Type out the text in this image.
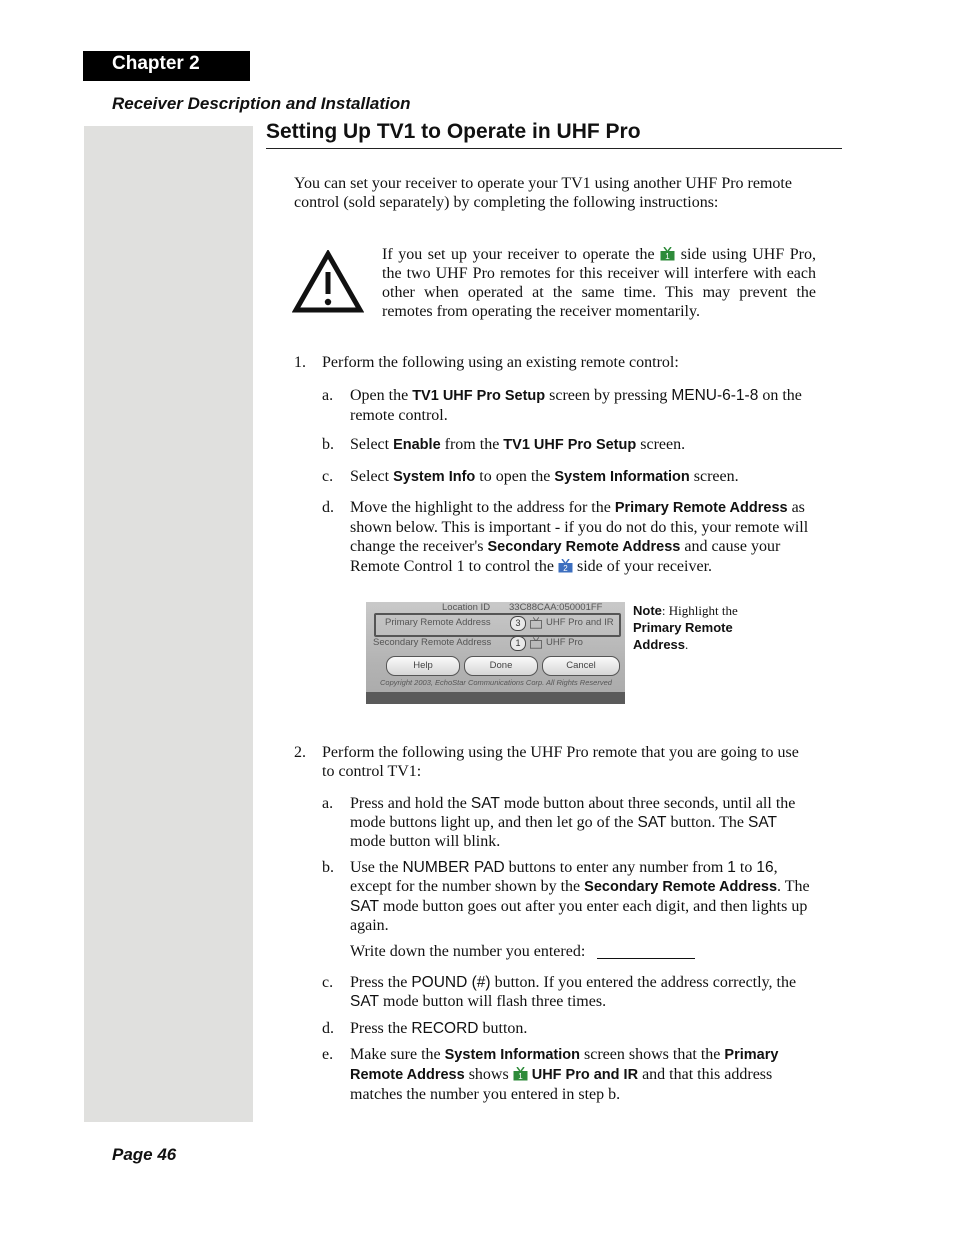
Chapter 2
Receiver Description and Installation
Setting Up TV1 to Operate in UHF Pro
You can set your receiver to operate your TV1 using another UHF Pro remote control (sold separately) by completing the following instructions:
If you set up your receiver to operate the 1 side using UHF Pro, the two UHF Pro remotes for this receiver will interfere with each other when operated at the same time. This may prevent the remotes from operating the receiver momentarily.
1. Perform the following using an existing remote control:
a. Open the TV1 UHF Pro Setup screen by pressing MENU-6-1-8 on the
remote control.
b. Select Enable from the TV1 UHF Pro Setup screen.
c. Select System Info to open the System Information screen.
d. Move the highlight to the address for the Primary Remote Address as
shown below. This is important - if you do not do this, your remote will
change the receiver's Secondary Remote Address and cause your
Remote Control 1 to control the 2 side of your receiver.
Location ID 33C88CAA:050001FF
Primary Remote Address	3	UHF Pro and IR
Secondary Remote Address	1	UHF Pro
Help	Done	Cancel
Copyright 2003, EchoStar Communications Corp. All Rights Reserved
Note: Highlight the
Primary Remote Address.
2. Perform the following using the UHF Pro remote that you are going to use
to control TV1:
a. Press and hold the SAT mode button about three seconds, until all the
mode buttons light up, and then let go of the SAT button. The SAT
mode button will blink.
b. Use the NUMBER PAD buttons to enter any number from 1 to 16,
except for the number shown by the Secondary Remote Address. The
SAT mode button goes out after you enter each digit, and then lights up
again.
Write down the number you entered:
c. Press the POUND (#) button. If you entered the address correctly, the
SAT mode button will flash three times.
d. Press the RECORD button.
e. Make sure the System Information screen shows that the Primary
Remote Address shows 1 UHF Pro and IR and that this address
matches the number you entered in step b.
Page 46
